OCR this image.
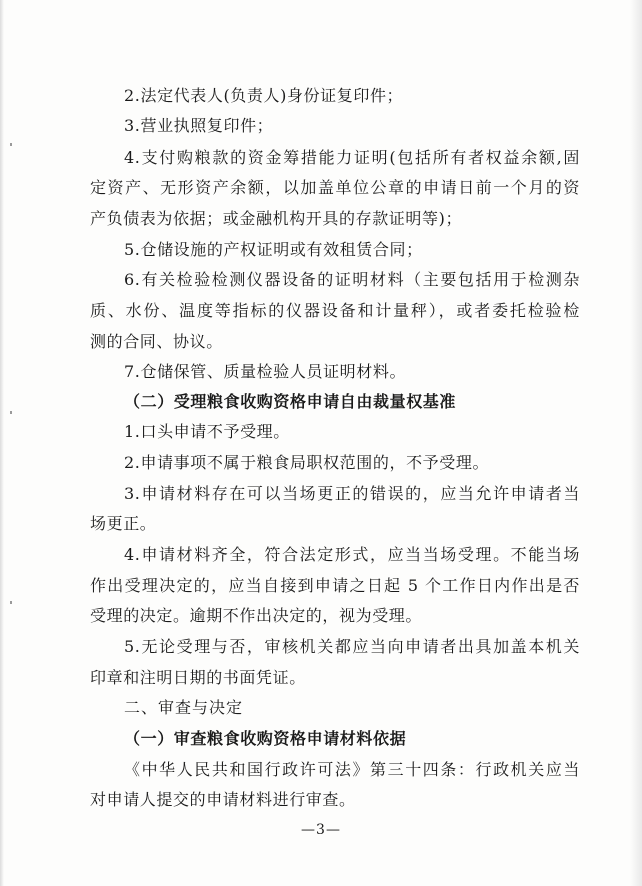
2.法定代表人(负责人)身份证复印件；

3.营业执照复印件；

4.支付购粮款的资金筹措能力证明(包括所有者权益余额,固

定资产、无形资产余额，以加盖单位公章的申请日前一个月的资

产负债表为依据；或金融机构开具的存款证明等)；

5.仓储设施的产权证明或有效租赁合同；

6.有关检验检测仪器设备的证明材料（主要包括用于检测杂

质、水份、温度等指标的仪器设备和计量秤），或者委托检验检

测的合同、协议。

7.仓储保管、质量检验人员证明材料。

（二）受理粮食收购资格申请自由裁量权基准

1.口头申请不予受理。

2.申请事项不属于粮食局职权范围的，不予受理。

3.申请材料存在可以当场更正的错误的，应当允许申请者当

场更正。

4.申请材料齐全，符合法定形式，应当当场受理。不能当场

作出受理决定的，应当自接到申请之日起 5 个工作日内作出是否

受理的决定。逾期不作出决定的，视为受理。

5.无论受理与否，审核机关都应当向申请者出具加盖本机关

印章和注明日期的书面凭证。

二、审查与决定

（一）审查粮食收购资格申请材料依据

《中华人民共和国行政许可法》第三十四条：行政机关应当

对申请人提交的申请材料进行审查。

—3—
